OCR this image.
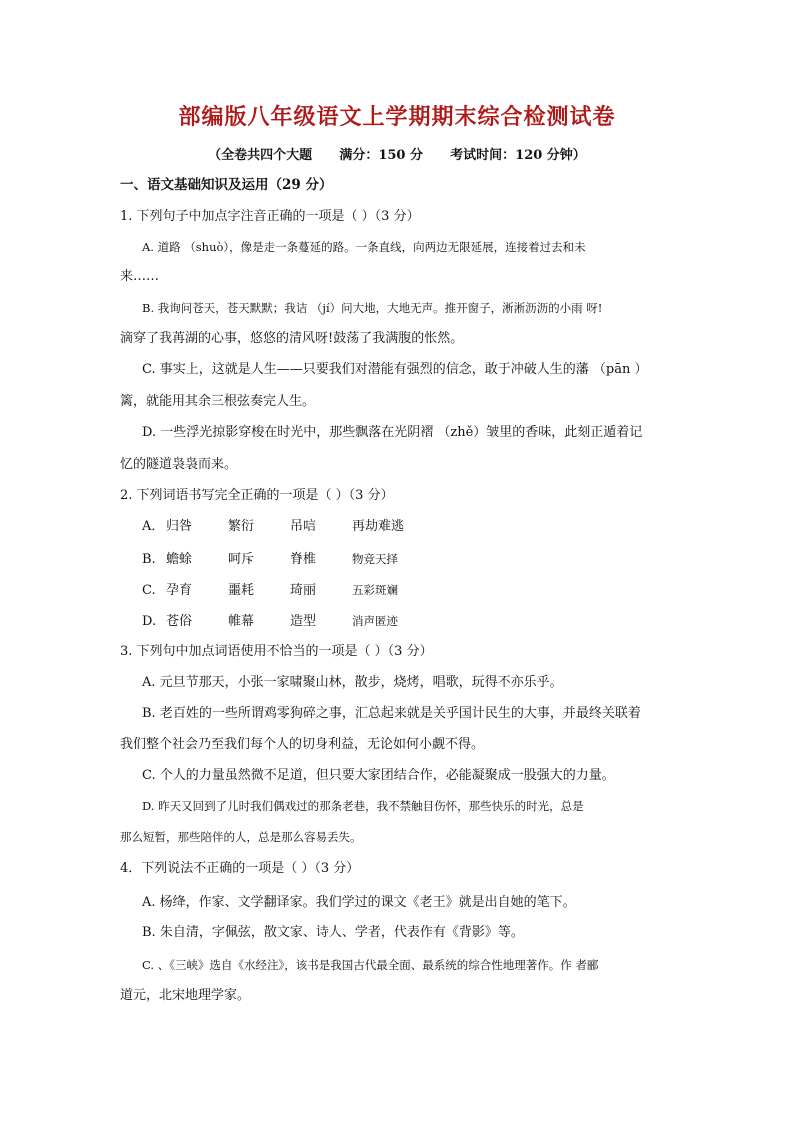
部编版八年级语文上学期期末综合检测试卷
（全卷共四个大题      满分：150 分      考试时间：120 分钟）
一、语文基础知识及运用（29 分）
1. 下列句子中加点字注音正确的一项是（ ）（3 分）
A. 道路 （shuò），像是走一条蔓延的路。一条直线，向两边无限延展，连接着过去和未
来……
B. 我询问苍天，苍天默默；我诘 （jí）问大地，大地无声。推开窗子，淅淅沥沥的小雨 呀!
滴穿了我苒湖的心事，悠悠的清风呀!鼓荡了我满腹的怅然。
C. 事实上，这就是人生——只要我们对潜能有强烈的信念，敢于冲破人生的藩 （pān ）
篱，就能用其余三根弦奏完人生。
D. 一些浮光掠影穿梭在时光中，那些飘落在光阴褶 （zhě）皱里的香味，此刻正遁着记
忆的隧道袅袅而来。
2. 下列词语书写完全正确的一项是（ ）（3 分）
A． 归咎	繁衍	吊唁	再劫难逃
B. 蟾蜍	呵斥	脊椎	物竞天择
C. 孕育	噩耗	琦丽	五彩斑斓
D. 苍俗	帷幕	造型	消声匿迹
3. 下列句中加点词语使用不恰当的一项是（ ）（3 分）
A. 元旦节那天，小张一家啸聚山林，散步，烧烤，唱歌，玩得不亦乐乎。
B. 老百姓的一些所谓鸡零狗碎之事，汇总起来就是关乎国计民生的大事，并最终关联着
我们整个社会乃至我们每个人的切身利益，无论如何小觑不得。
C. 个人的力量虽然微不足道，但只要大家团结合作，必能凝聚成一股强大的力量。
D. 昨天又回到了儿时我们偶戏过的那条老巷，我不禁触目伤怀，那些快乐的时光，总是
那么短暂，那些陪伴的人，总是那么容易丢失。
4．下列说法不正确的一项是（ ）（3 分）
A. 杨绛，作家、文学翻译家。我们学过的课文《老王》就是出自她的笔下。
B. 朱自清，字佩弦，散文家、诗人、学者，代表作有《背影》等。
C. 、《三峡》选自《水经注》，该书是我国古代最全面、最系统的综合性地理著作。作 者郦
道元，北宋地理学家。
